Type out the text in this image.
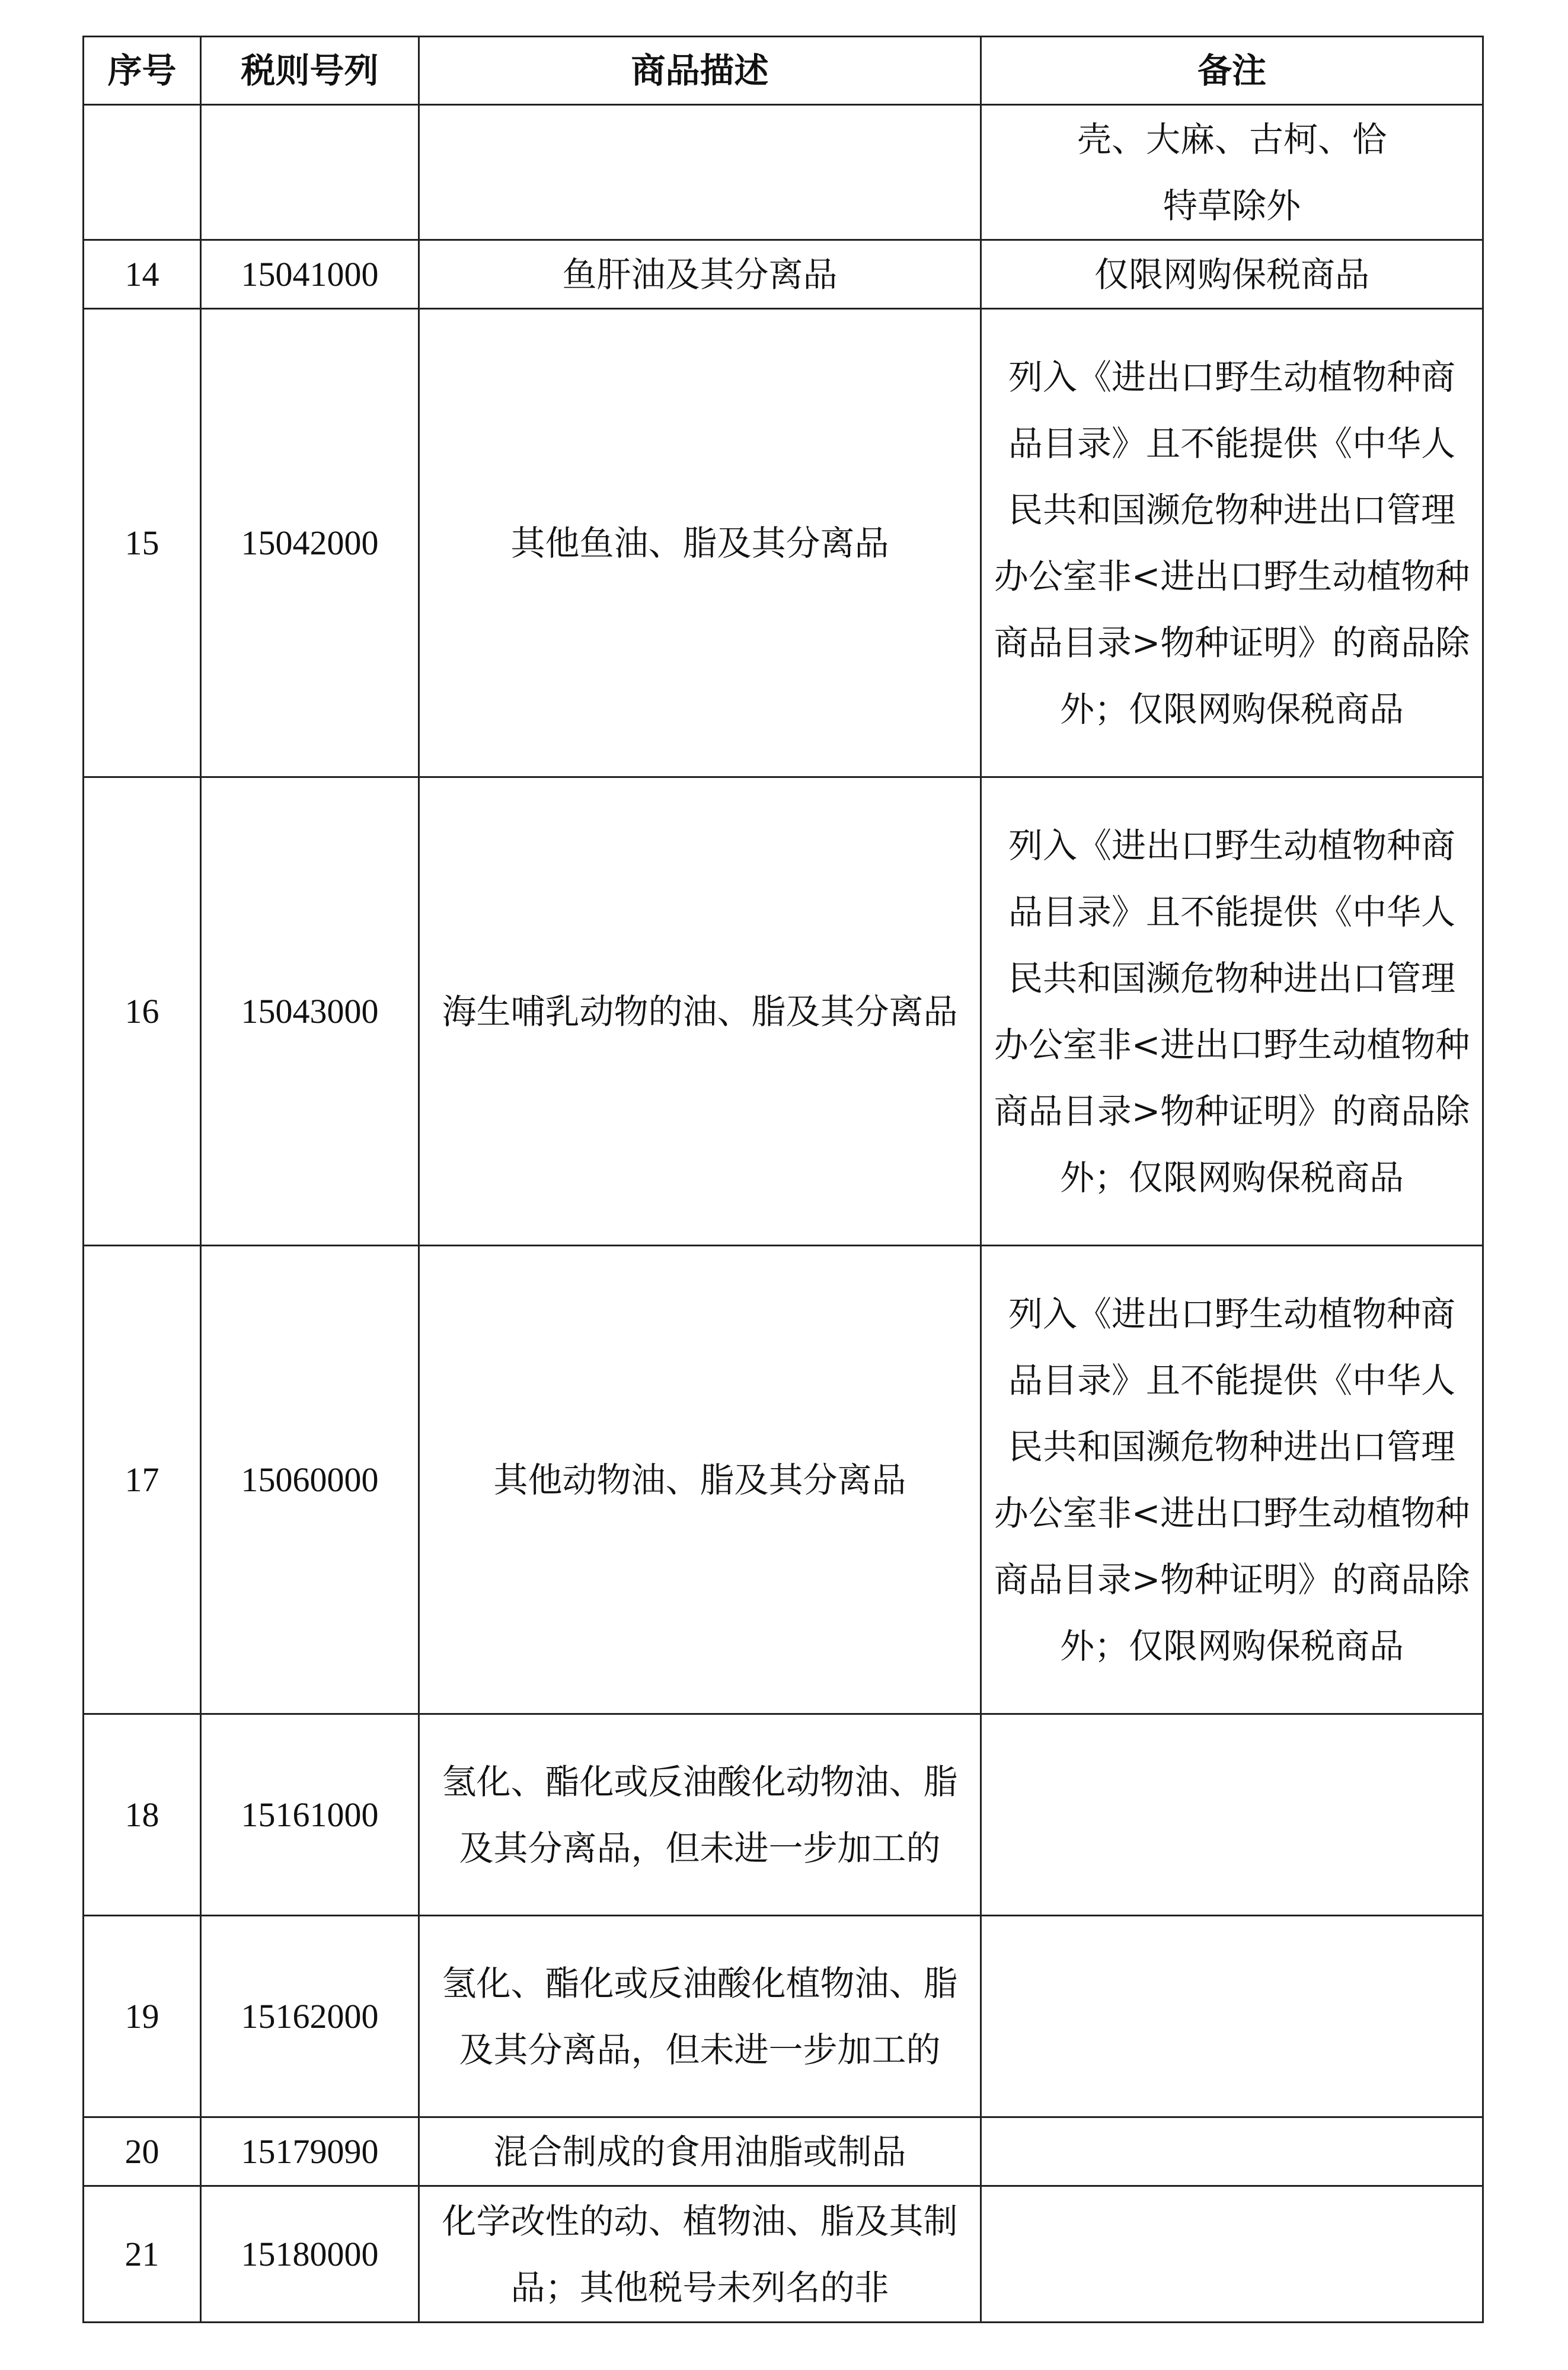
序号	税则号列	商品描述	备注
			壳、大麻、古柯、恰特草除外
14	15041000	鱼肝油及其分离品	仅限网购保税商品
15	15042000	其他鱼油、脂及其分离品	列入《进出口野生动植物种商品目录》且不能提供《中华人民共和国濒危物种进出口管理办公室非<进出口野生动植物种商品目录>物种证明》的商品除外；仅限网购保税商品
16	15043000	海生哺乳动物的油、脂及其分离品	列入《进出口野生动植物种商品目录》且不能提供《中华人民共和国濒危物种进出口管理办公室非<进出口野生动植物种商品目录>物种证明》的商品除外；仅限网购保税商品
17	15060000	其他动物油、脂及其分离品	列入《进出口野生动植物种商品目录》且不能提供《中华人民共和国濒危物种进出口管理办公室非<进出口野生动植物种商品目录>物种证明》的商品除外；仅限网购保税商品
18	15161000	氢化、酯化或反油酸化动物油、脂及其分离品，但未进一步加工的	
19	15162000	氢化、酯化或反油酸化植物油、脂及其分离品，但未进一步加工的	
20	15179090	混合制成的食用油脂或制品	
21	15180000	化学改性的动、植物油、脂及其制品；其他税号未列名的非	
